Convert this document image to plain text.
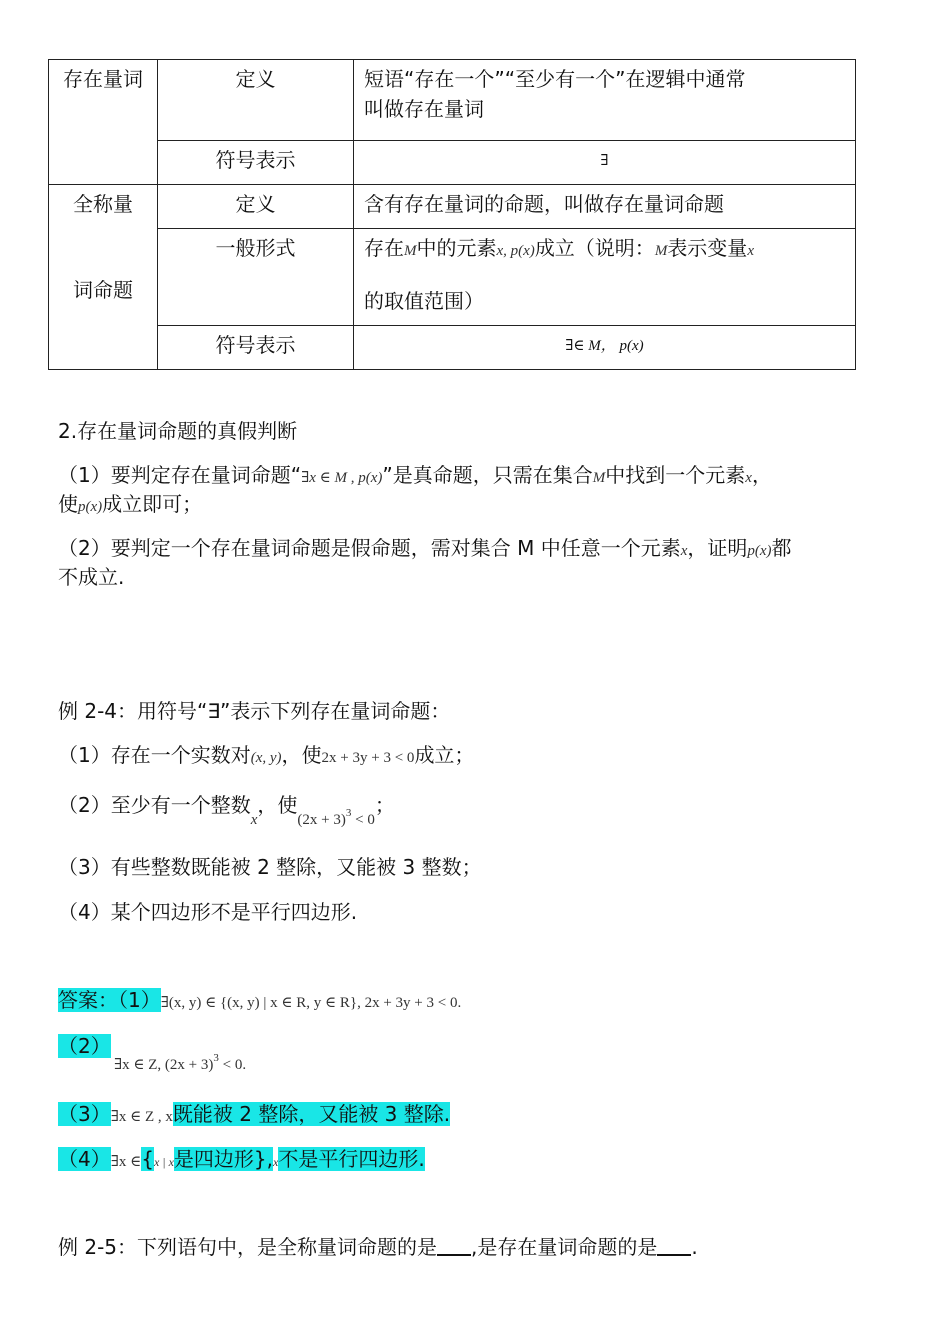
存在量词	定义	短语“存在一个”“至少有一个”在逻辑中通常
叫做存在量词

	符号表示	∃

全称量
词命题	定义	含有存在量词的命题，叫做存在量词命题
	一般形式	存在M中的元素x, p(x)成立（说明：M表示变量x
的取值范围）

	符号表示	∃∈ M， p(x)
2.存在量词命题的真假判断
（1）要判定存在量词命题“∃x ∈ M , p(x)”是真命题，只需在集合M中找到一个元素x，
使p(x)成立即可；
（2）要判定一个存在量词命题是假命题，需对集合 M 中任意一个元素x，证明p(x)都
不成立.
例 2-4：用符号“∃”表示下列存在量词命题：
（1）存在一个实数对(x, y)，使2x + 3y + 3 < 0成立；
（2）至少有一个整数$_x$，使$_{(2x + 3)^3 < 0}$；
（3）有些整数既能被 2 整除，又能被 3 整数；
（4）某个四边形不是平行四边形.
答案：（1）∃(x, y) ∈ {(x, y) | x ∈ R, y ∈ R}, 2x + 3y + 3 < 0.
（2）
∃x ∈ Z, $(2x + 3)^3 < 0$.
（3）∃x ∈ Z , x既能被 2 整除，又能被 3 整除.
（4）∃x ∈{x | x是四边形},x不是平行四边形.
例 2-5：下列语句中，是全称量词命题的是 ,是存在量词命题的是 .
